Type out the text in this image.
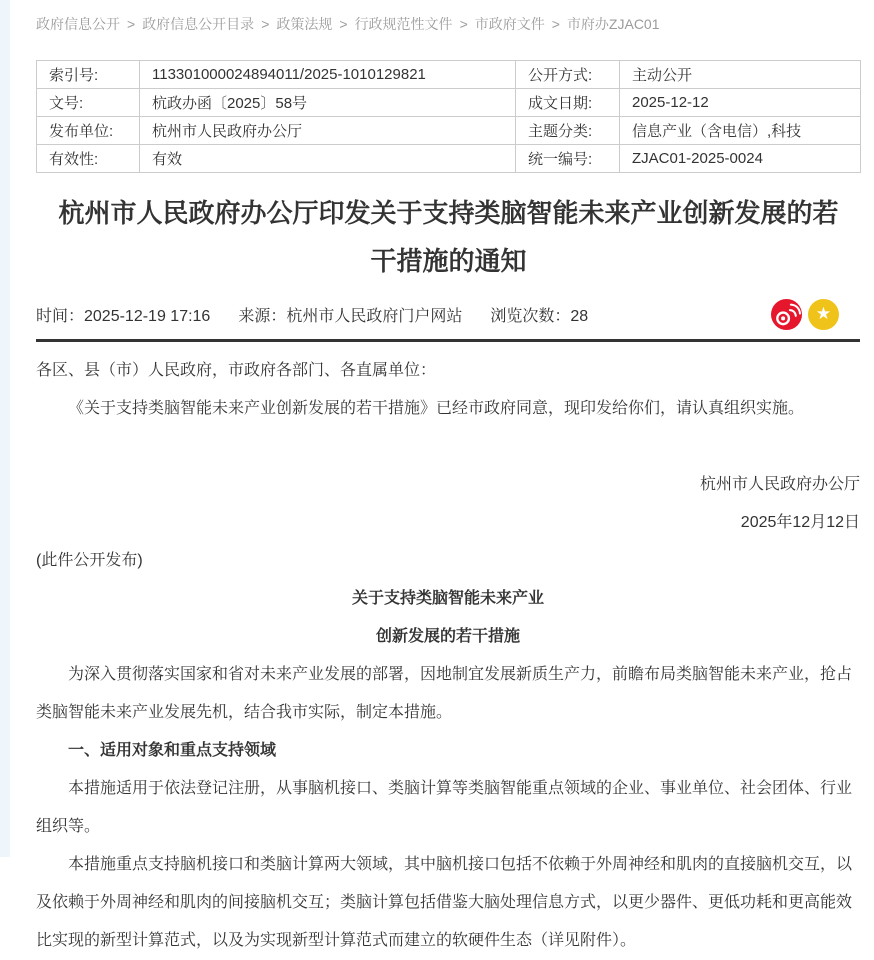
政府信息公开 > 政府信息公开目录 > 政策法规 > 行政规范性文件 > 市政府文件 > 市府办ZJAC01
索引号:	113301000024894011/2025-1010129821	公开方式:	主动公开
文号:	杭政办函〔2025〕58号	成文日期:	2025-12-12
发布单位:	杭州市人民政府办公厅	主题分类:	信息产业（含电信）,科技
有效性:	有效	统一编号:	ZJAC01-2025-0024
杭州市人民政府办公厅印发关于支持类脑智能未来产业创新发展的若干措施的通知
时间：2025-12-19 17:16 来源：杭州市人民政府门户网站 浏览次数：28	★
各区、县（市）人民政府，市政府各部门、各直属单位：
《关于支持类脑智能未来产业创新发展的若干措施》已经市政府同意，现印发给你们，请认真组织实施。
杭州市人民政府办公厅
2025年12月12日
(此件公开发布)
关于支持类脑智能未来产业
创新发展的若干措施
为深入贯彻落实国家和省对未来产业发展的部署，因地制宜发展新质生产力，前瞻布局类脑智能未来产业，抢占类脑智能未来产业发展先机，结合我市实际，制定本措施。
一、适用对象和重点支持领域
本措施适用于依法登记注册，从事脑机接口、类脑计算等类脑智能重点领域的企业、事业单位、社会团体、行业组织等。
本措施重点支持脑机接口和类脑计算两大领域，其中脑机接口包括不依赖于外周神经和肌肉的直接脑机交互，以及依赖于外周神经和肌肉的间接脑机交互；类脑计算包括借鉴大脑处理信息方式，以更少器件、更低功耗和更高能效比实现的新型计算范式，以及为实现新型计算范式而建立的软硬件生态（详见附件）。
